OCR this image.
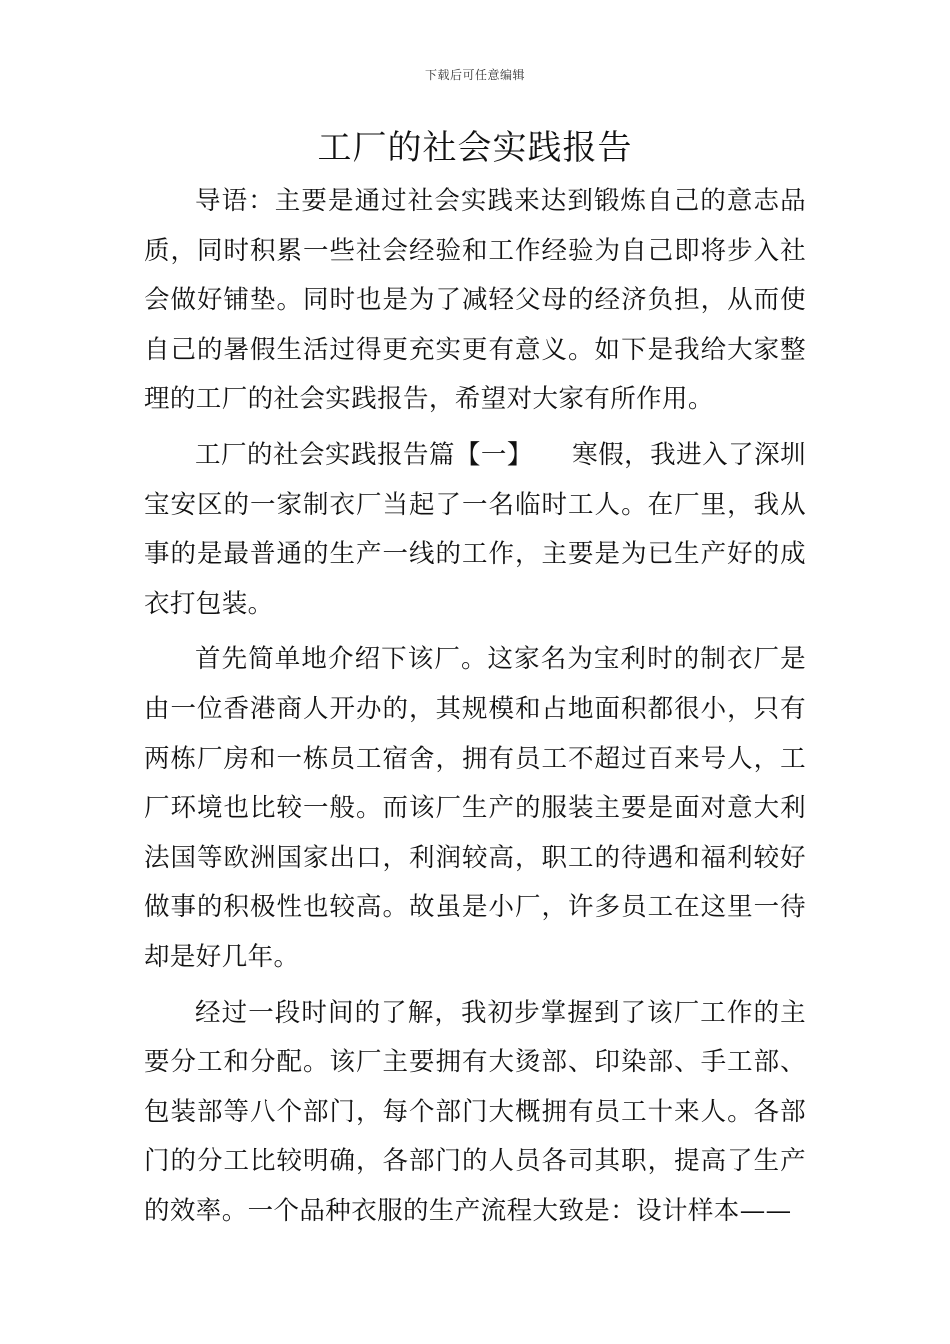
下载后可任意编辑
工厂的社会实践报告

导语：主要是通过社会实践来达到锻炼自己的意志品质，同时积累一些社会经验和工作经验为自己即将步入社会做好铺垫。同时也是为了减轻父母的经济负担，从而使自己的暑假生活过得更充实更有意义。如下是我给大家整理的工厂的社会实践报告，希望对大家有所作用。

工厂的社会实践报告篇【一】　　寒假，我进入了深圳宝安区的一家制衣厂当起了一名临时工人。在厂里，我从事的是最普通的生产一线的工作，主要是为已生产好的成衣打包装。

首先简单地介绍下该厂。这家名为宝利时的制衣厂是由一位香港商人开办的，其规模和占地面积都很小，只有两栋厂房和一栋员工宿舍，拥有员工不超过百来号人，工厂环境也比较一般。而该厂生产的服装主要是面对意大利法国等欧洲国家出口，利润较高，职工的待遇和福利较好做事的积极性也较高。故虽是小厂，许多员工在这里一待却是好几年。

经过一段时间的了解，我初步掌握到了该厂工作的主要分工和分配。该厂主要拥有大烫部、印染部、手工部、包装部等八个部门，每个部门大概拥有员工十来人。各部门的分工比较明确，各部门的人员各司其职，提高了生产的效率。一个品种衣服的生产流程大致是：设计样本——
